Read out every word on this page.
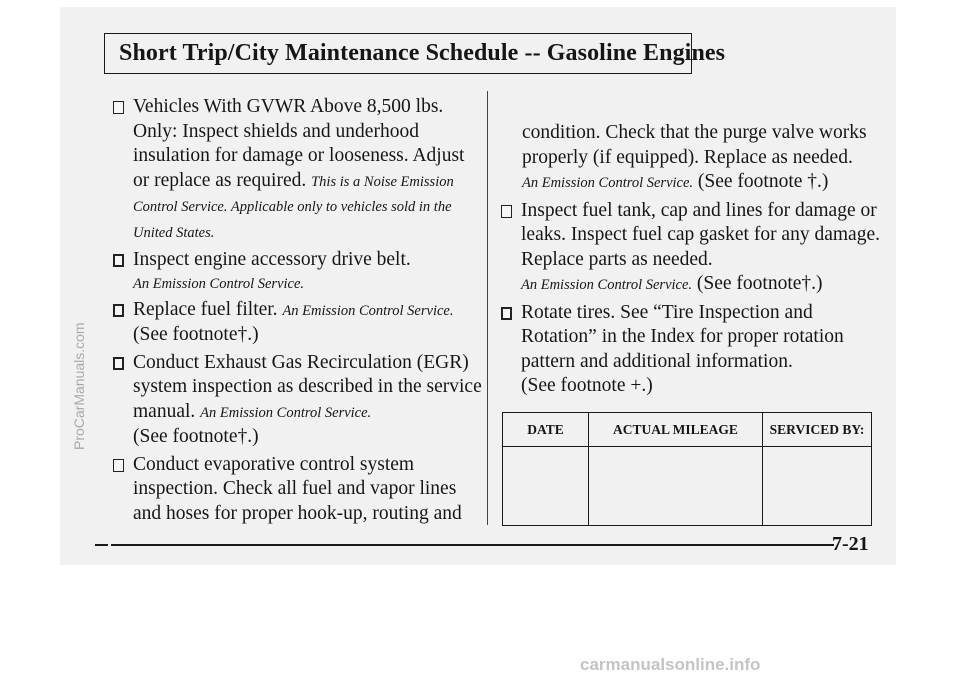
Short Trip/City Maintenance Schedule -- Gasoline Engines
Vehicles With GVWR Above 8,500 lbs. Only: Inspect shields and underhood insulation for damage or looseness. Adjust or replace as required. This is a Noise Emission Control Service. Applicable only to vehicles sold in the United States.
Inspect engine accessory drive belt.
An Emission Control Service.
Replace fuel filter. An Emission Control Service.
(See footnote†.)
Conduct Exhaust Gas Recirculation (EGR) system inspection as described in the service manual. An Emission Control Service.
(See footnote†.)
Conduct evaporative control system inspection. Check all fuel and vapor lines and hoses for proper hook-up, routing and
condition. Check that the purge valve works properly (if equipped). Replace as needed.
An Emission Control Service. (See footnote †.)
Inspect fuel tank, cap and lines for damage or leaks. Inspect fuel cap gasket for any damage. Replace parts as needed.
An Emission Control Service. (See footnote†.)
Rotate tires. See “Tire Inspection and Rotation” in the Index for proper rotation pattern and additional information.
(See footnote +.)
DATE	ACTUAL MILEAGE	SERVICED BY:

7-21
ProCarManuals.com
carmanualsonline.info
